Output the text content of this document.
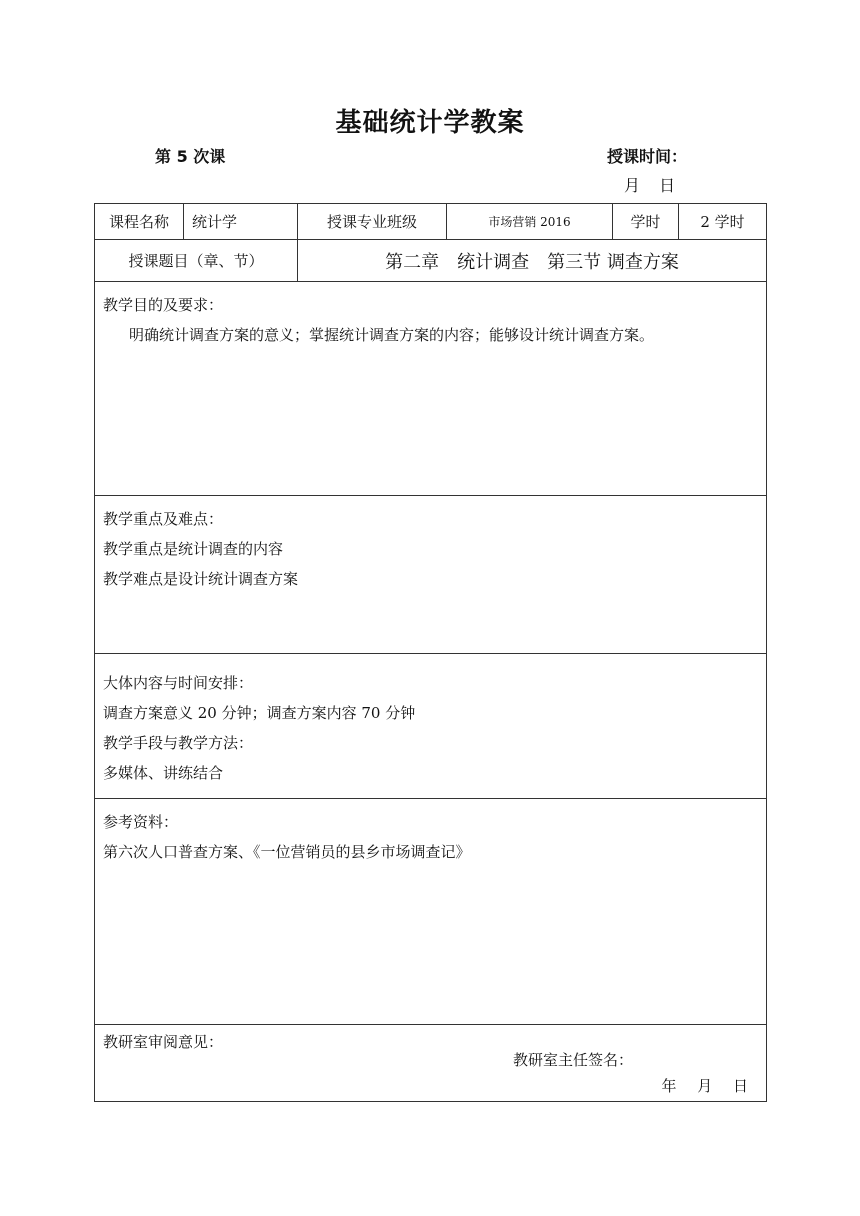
基础统计学教案
第 5 次课	授课时间：
月 日
课程名称	统计学	授课专业班级	市场营销 2016	学时	2 学时
授课题目（章、节）		第二章　统计调查　第三节 调查方案			

教学目的及要求：
明确统计调查方案的意义；掌握统计调查方案的内容；能够设计统计调查方案。					

教学重点及难点：
教学重点是统计调查的内容
教学难点是设计统计调查方案					

大体内容与时间安排：
调查方案意义 20 分钟；调查方案内容 70 分钟
教学手段与教学方法：
多媒体、讲练结合					

参考资料：
第六次人口普查方案、《一位营销员的县乡市场调查记》					

教研室审阅意见：
教研室主任签名：
年 月 日					
